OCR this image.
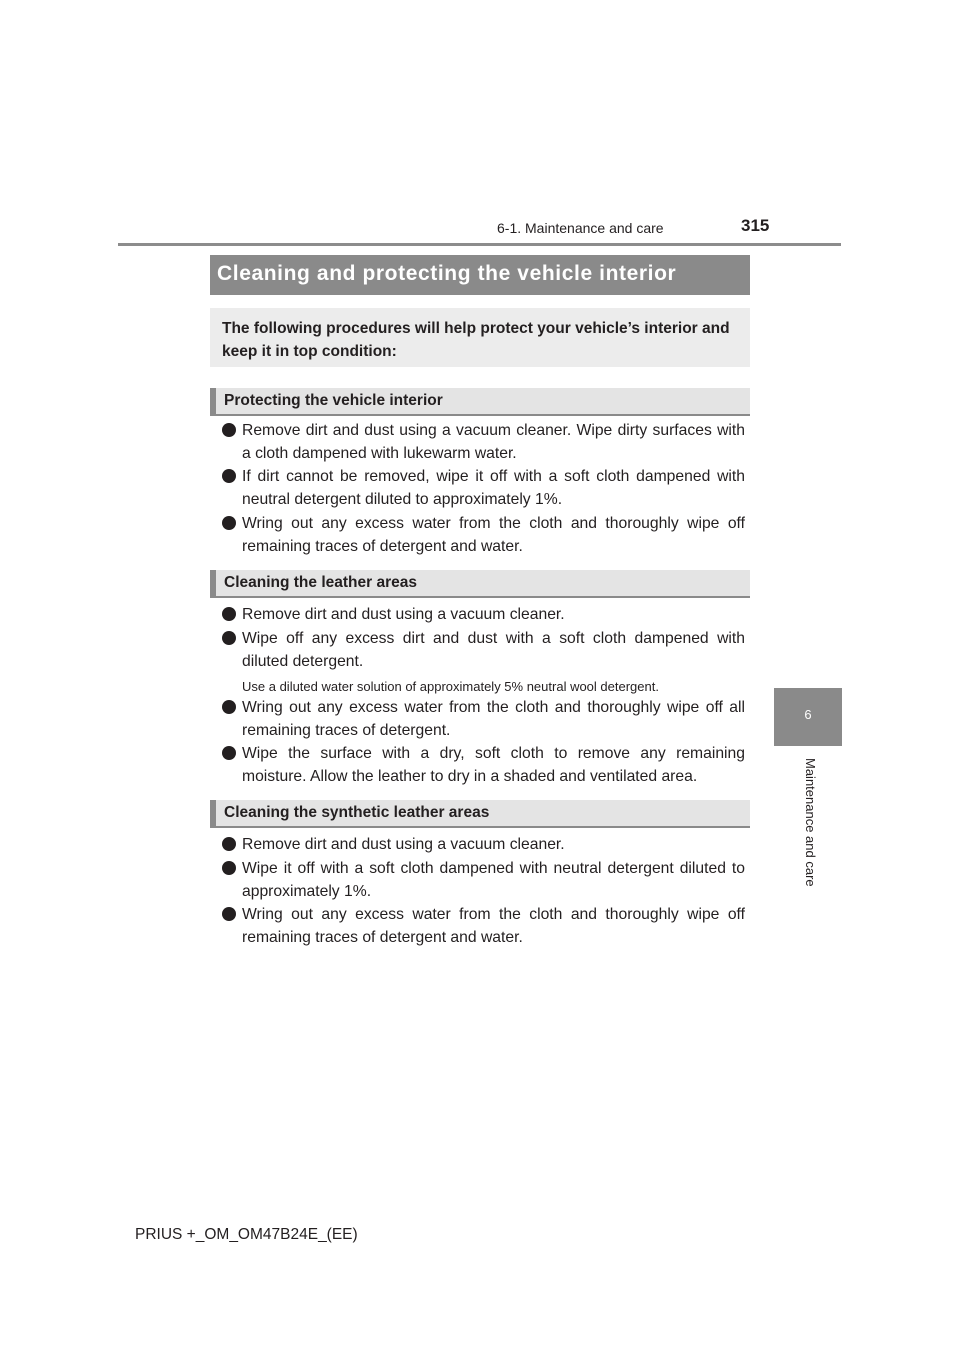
6-1. Maintenance and care	315
6
Maintenance and care
Cleaning and protecting the vehicle interior
The following procedures will help protect your vehicle’s interior and keep it in top condition:
Protecting the vehicle interior
Remove dirt and dust using a vacuum cleaner. Wipe dirty surfaces with a cloth dampened with lukewarm water.
If dirt cannot be removed, wipe it off with a soft cloth dampened with neutral detergent diluted to approximately 1%.
Wring out any excess water from the cloth and thoroughly wipe off remaining traces of detergent and water.
Cleaning the leather areas
Remove dirt and dust using a vacuum cleaner.
Wipe off any excess dirt and dust with a soft cloth dampened with diluted detergent.
Use a diluted water solution of approximately 5% neutral wool detergent.
Wring out any excess water from the cloth and thoroughly wipe off all remaining traces of detergent.
Wipe the surface with a dry, soft cloth to remove any remaining moisture. Allow the leather to dry in a shaded and ventilated area.
Cleaning the synthetic leather areas
Remove dirt and dust using a vacuum cleaner.
Wipe it off with a soft cloth dampened with neutral detergent diluted to approximately 1%.
Wring out any excess water from the cloth and thoroughly wipe off remaining traces of detergent and water.
PRIUS +_OM_OM47B24E_(EE)
